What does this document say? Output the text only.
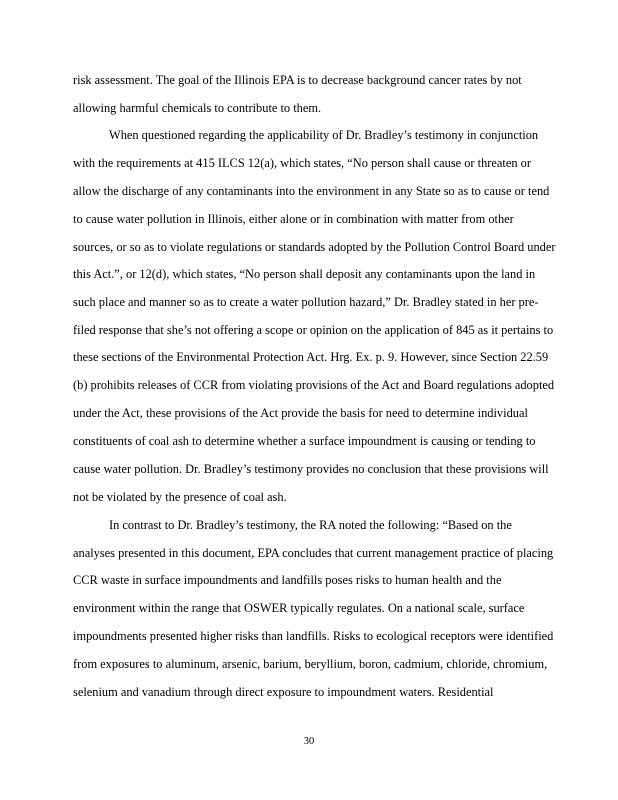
risk assessment. The goal of the Illinois EPA is to decrease background cancer rates by not
allowing harmful chemicals to contribute to them.
When questioned regarding the applicability of Dr. Bradley’s testimony in conjunction
with the requirements at 415 ILCS 12(a), which states, “No person shall cause or threaten or
allow the discharge of any contaminants into the environment in any State so as to cause or tend
to cause water pollution in Illinois, either alone or in combination with matter from other
sources, or so as to violate regulations or standards adopted by the Pollution Control Board under
this Act.”, or 12(d), which states, “No person shall deposit any contaminants upon the land in
such place and manner so as to create a water pollution hazard,” Dr. Bradley stated in her pre-
filed response that she’s not offering a scope or opinion on the application of 845 as it pertains to
these sections of the Environmental Protection Act. Hrg. Ex. p. 9. However, since Section 22.59
(b) prohibits releases of CCR from violating provisions of the Act and Board regulations adopted
under the Act, these provisions of the Act provide the basis for need to determine individual
constituents of coal ash to determine whether a surface impoundment is causing or tending to
cause water pollution. Dr. Bradley’s testimony provides no conclusion that these provisions will
not be violated by the presence of coal ash.
In contrast to Dr. Bradley’s testimony, the RA noted the following: “Based on the
analyses presented in this document, EPA concludes that current management practice of placing
CCR waste in surface impoundments and landfills poses risks to human health and the
environment within the range that OSWER typically regulates. On a national scale, surface
impoundments presented higher risks than landfills. Risks to ecological receptors were identified
from exposures to aluminum, arsenic, barium, beryllium, boron, cadmium, chloride, chromium,
selenium and vanadium through direct exposure to impoundment waters. Residential
30
